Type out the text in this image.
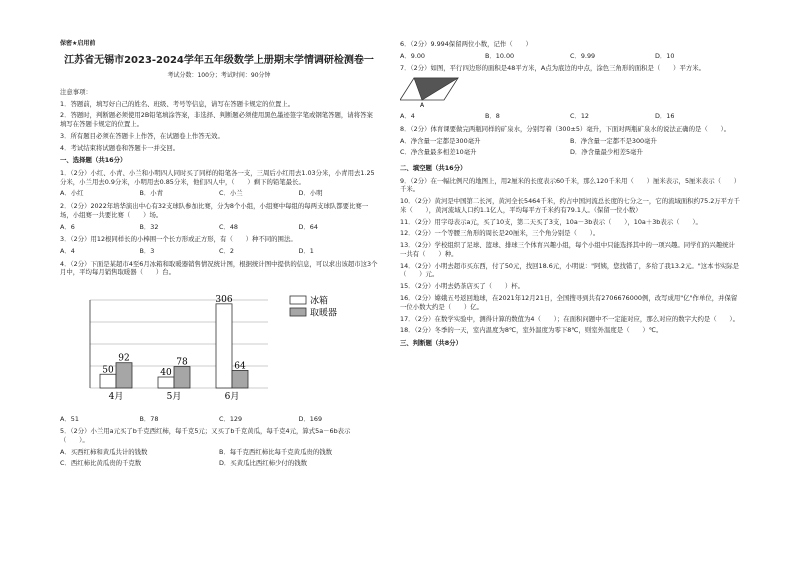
保密★启用前
江苏省无锡市2023-2024学年五年级数学上册期末学情调研检测卷一
考试分数：100分；考试时间：90分钟
注意事项：
1．答题前，填写好自己的姓名、班级、考号等信息，请写在答题卡规定的位置上。
2．答题时，判断题必须使用2B铅笔填涂答案，非选择、判断题必须使用黑色墨迹签字笔或钢笔答题，请将答案填写在答题卡规定的位置上。
3．所有题目必须在答题卡上作答，在试题卷上作答无效。
4．考试结束将试题卷和答题卡一并交回。
一、选择题（共16分）
1．（2分）小红、小青、小兰和小明四人同时买了同样的铅笔各一支，三周后小红用去1.03分米，小青用去1.25分米，小兰用去0.9分米，小明用去0.85分米，他们四人中，（　　）剩下的铅笔最长。
A．小红	B．小青	C．小兰	D．小明
2．（2分）2022年培华演出中心有32支球队参加比赛，分为8个小组，小组赛中每组的每两支球队都要比赛一场，小组赛一共要比赛（　　）场。
A．6	B．32	C．48	D．64
3．（2分）用12根同样长的小棒围一个长方形或正方形，有（　　）种不同的围法。
A．4	B．3	C．2	D．1
4．（2分）下面是某超市4至6月冰箱和取暖器销售情况统计图，根据统计图中提供的信息，可以求出该超市这3个月中，平均每月销售取暖器（　　）台。
50
92
4月
40
78
5月
306
64
6月
冰箱
取暖器
A．51	B．78	C．129	D．169
5．（2分）小兰用a元买了b千克西红柿，每千克5元；又买了b千克黄瓜，每千克4元，算式5a－6b表示（　　）。
A．买西红柿和黄瓜共计的钱数	B．每千克西红柿比每千克黄瓜贵的钱数
C．西红柿比黄瓜贵的千克数	D．买黄瓜比西红柿少付的钱数
6．（2分）9.994保留两位小数，记作（　　）
A．9.00	B．10.00	C．9.99	D．10
7．（2分）如图，平行四边形的面积是48平方米，A点为底边的中点，涂色三角形的面积是（　　）平方米。
A
A．4	B．8	C．12	D．16
8．（2分）体育课要做完两瓶同样的矿泉水，分别写着（300±5）毫升，下面对两瓶矿泉水的说法正确的是（　　）。
A．净含量一定都是300毫升	B．净含量一定都不是300毫升
C．净含量最多相差10毫升	D．净含量最少相差5毫升
二、填空题（共16分）
9．（2分）在一幅比例尺的地图上，用2厘米的长度表示60千米，那么120千米用（　　）厘米表示，5厘米表示（　　）千米。
10．（2分）黄河是中国第二长河，黄河全长5464千米，约占中国河流总长度的七分之一，它的流域面积约75.2万平方千米（　　），黄河流域人口约1.1亿人，平均每平方千米约有79.1人。（保留一位小数）
11．（2分）用字母表示a元，买了10支，第二天买了3支，10a－3b表示（　　），10a＋3b表示（　　）。
12．（2分）一个等腰三角形的周长是20厘米，三个角分别是（　　）。
13．（2分）学校组织了足球、篮球、排球三个体育兴趣小组，每个小组中只能选择其中的一项兴趣。同学们的兴趣统计一共有（　　）种。
14．（2分）小明去超市买东西，付了50元，找回18.6元，小明说："阿姨，您找错了，多给了我13.2元。"这本书实际是（　　）元。
15．（2分）小明去奶茶店买了（　　）杯。
16．（2分）嫦娥五号返回地球，在2021年12月21日，全国搜寻到共有2706676000例，改写成用"亿"作单位，并保留一位小数大约是（　　）亿。
17．（2分）在数学实验中，测得计算的数值为4（　　）；在面积问题中不一定能对应，那么对应的数字大约是（　　）。
18．（2分）冬季的一天，室内温度为8℃，室外温度为零下8℃，则室外温度是（　　）℃。
三、判断题（共8分）
